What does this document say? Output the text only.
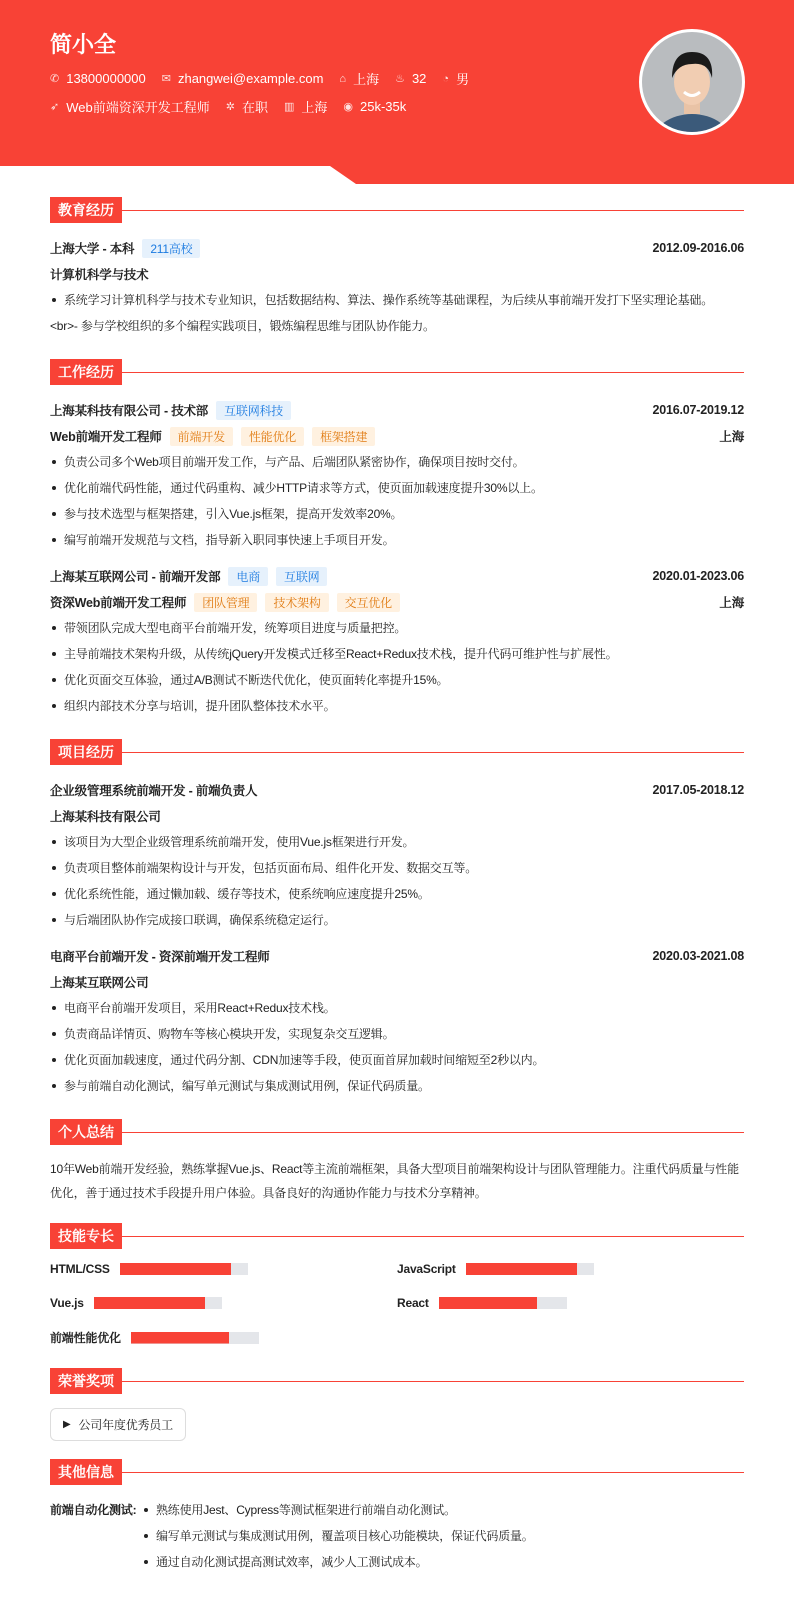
简小全
✆ 13800000000 ✉ zhangwei@example.com ⌂ 上海 ♨ 32 ◔ 男
➶ Web前端资深开发工程师 ✲ 在职 ▥ 上海 ◉ 25k-35k
教育经历
上海大学 - 本科	211高校	2012.09-2016.06
计算机科学与技术
系统学习计算机科学与技术专业知识，包括数据结构、算法、操作系统等基础课程，为后续从事前端开发打下坚实理论基础。
<br>- 参与学校组织的多个编程实践项目，锻炼编程思维与团队协作能力。
工作经历
上海某科技有限公司 - 技术部	互联网科技	2016.07-2019.12
Web前端开发工程师	前端开发	性能优化	框架搭建	上海
负责公司多个Web项目前端开发工作，与产品、后端团队紧密协作，确保项目按时交付。
优化前端代码性能，通过代码重构、减少HTTP请求等方式，使页面加载速度提升30%以上。
参与技术选型与框架搭建，引入Vue.js框架，提高开发效率20%。
编写前端开发规范与文档，指导新入职同事快速上手项目开发。
上海某互联网公司 - 前端开发部	电商	互联网	2020.01-2023.06
资深Web前端开发工程师	团队管理	技术架构	交互优化	上海
带领团队完成大型电商平台前端开发，统筹项目进度与质量把控。
主导前端技术架构升级，从传统jQuery开发模式迁移至React+Redux技术栈，提升代码可维护性与扩展性。
优化页面交互体验，通过A/B测试不断迭代优化，使页面转化率提升15%。
组织内部技术分享与培训，提升团队整体技术水平。
项目经历
企业级管理系统前端开发 - 前端负责人	2017.05-2018.12
上海某科技有限公司
该项目为大型企业级管理系统前端开发，使用Vue.js框架进行开发。
负责项目整体前端架构设计与开发，包括页面布局、组件化开发、数据交互等。
优化系统性能，通过懒加载、缓存等技术，使系统响应速度提升25%。
与后端团队协作完成接口联调，确保系统稳定运行。
电商平台前端开发 - 资深前端开发工程师	2020.03-2021.08
上海某互联网公司
电商平台前端开发项目，采用React+Redux技术栈。
负责商品详情页、购物车等核心模块开发，实现复杂交互逻辑。
优化页面加载速度，通过代码分割、CDN加速等手段，使页面首屏加载时间缩短至2秒以内。
参与前端自动化测试，编写单元测试与集成测试用例，保证代码质量。
个人总结

10年Web前端开发经验，熟练掌握Vue.js、React等主流前端框架，具备大型项目前端架构设计与团队管理能力。注重代码质量与性能优化，善于通过技术手段提升用户体验。具备良好的沟通协作能力与技术分享精神。

技能专长
HTML/CSS	JavaScript
Vue.js	React
前端性能优化
荣誉奖项
▶ 公司年度优秀员工
其他信息
前端自动化测试:	熟练使用Jest、Cypress等测试框架进行前端自动化测试。
编写单元测试与集成测试用例，覆盖项目核心功能模块，保证代码质量。
通过自动化测试提高测试效率，减少人工测试成本。
